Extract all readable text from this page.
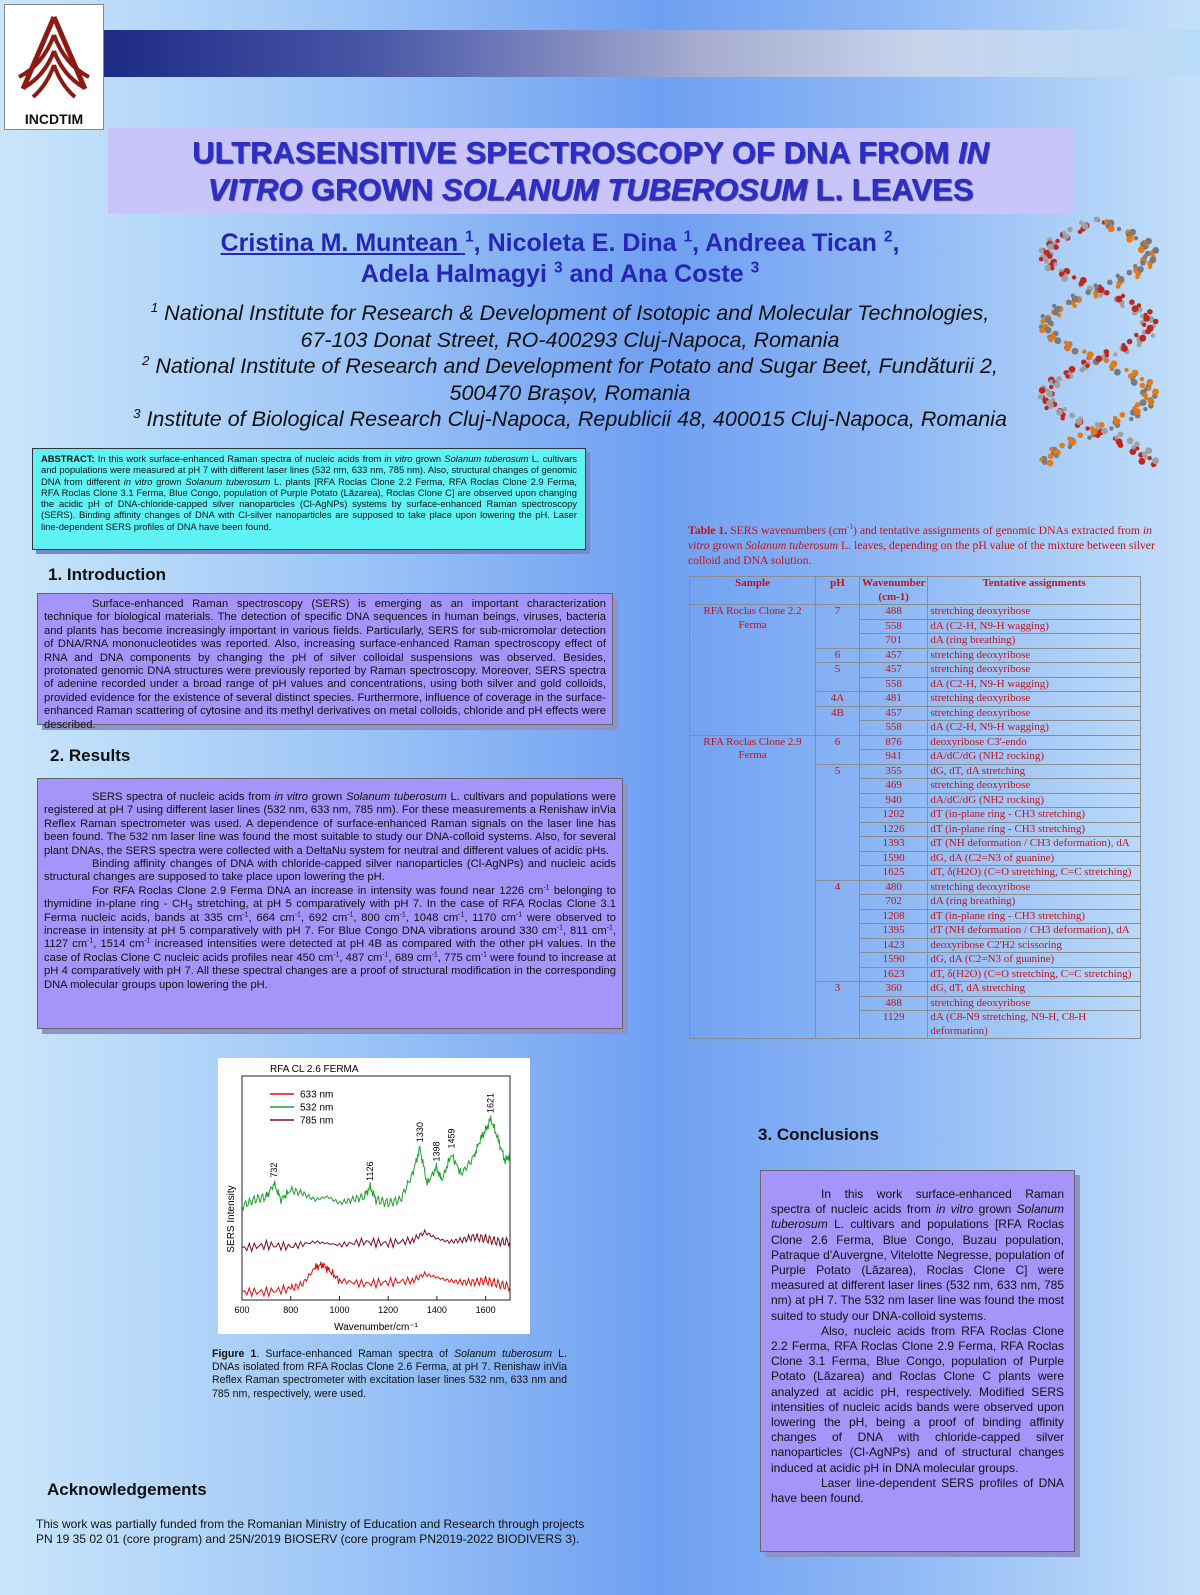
INCDTIM
ULTRASENSITIVE SPECTROSCOPY OF DNA FROM IN
VITRO GROWN SOLANUM TUBEROSUM L. LEAVES
Cristina M. Muntean $^1$, Nicoleta E. Dina $^1$, Andreea Tican $^2$,
Adela Halmagyi $^3$ and Ana Coste $^3$
$^1$ National Institute for Research & Development of Isotopic and Molecular Technologies,
67-103 Donat Street, RO-400293 Cluj-Napoca, Romania
$^2$ National Institute of Research and Development for Potato and Sugar Beet, Fundăturii 2,
500470 Brașov, Romania
$^3$ Institute of Biological Research Cluj-Napoca, Republicii 48, 400015 Cluj-Napoca, Romania
ABSTRACT: In this work surface-enhanced Raman spectra of nucleic acids from in vitro grown Solanum tuberosum L. cultivars and populations were measured at pH 7 with different laser lines (532 nm, 633 nm, 785 nm). Also, structural changes of genomic DNA from different in vitro grown Solanum tuberosum L. plants [RFA Roclas Clone 2.2 Ferma, RFA Roclas Clone 2.9 Ferma, RFA Roclas Clone 3.1 Ferma, Blue Congo, population of Purple Potato (Lăzarea), Roclas Clone C] are observed upon changing the acidic pH of DNA-chloride-capped silver nanoparticles (Cl-AgNPs) systems by surface-enhanced Raman spectroscopy (SERS). Binding affinity changes of DNA with Cl-silver nanoparticles are supposed to take place upon lowering the pH. Laser line-dependent SERS profiles of DNA have been found.
1. Introduction

Surface-enhanced Raman spectroscopy (SERS) is emerging as an important characterization technique for biological materials. The detection of specific DNA sequences in human beings, viruses, bacteria and plants has become increasingly important in various fields. Particularly, SERS for sub-micromolar detection of DNA/RNA mononucleotides was reported. Also, increasing surface-enhanced Raman spectroscopy effect of RNA and DNA components by changing the pH of silver colloidal suspensions was observed. Besides, protonated genomic DNA structures were previously reported by Raman spectroscopy. Moreover, SERS spectra of adenine recorded under a broad range of pH values and concentrations, using both silver and gold colloids, provided evidence for the existence of several distinct species. Furthermore, influence of coverage in the surface-enhanced Raman scattering of cytosine and its methyl derivatives on metal colloids, chloride and pH effects were described.

2. Results

SERS spectra of nucleic acids from in vitro grown Solanum tuberosum L. cultivars and populations were registered at pH 7 using different laser lines (532 nm, 633 nm, 785 nm). For these measurements a Renishaw inVia Reflex Raman spectrometer was used. A dependence of surface-enhanced Raman signals on the laser line has been found. The 532 nm laser line was found the most suitable to study our DNA-colloid systems. Also, for several plant DNAs, the SERS spectra were collected with a DeltaNu system for neutral and different values of acidic pHs.

Binding affinity changes of DNA with chloride-capped silver nanoparticles (Cl-AgNPs) and nucleic acids structural changes are supposed to take place upon lowering the pH.

For RFA Roclas Clone 2.9 Ferma DNA an increase in intensity was found near 1226 $cm^{-1}$ belonging to thymidine in-plane ring - $CH_3$ stretching, at pH 5 comparatively with pH 7. In the case of RFA Roclas Clone 3.1 Ferma nucleic acids, bands at 335 $cm^{-1}$, 664 $cm^{-1}$, 692 $cm^{-1}$, 800 $cm^{-1}$, 1048 $cm^{-1}$, 1170 $cm^{-1}$ were observed to increase in intensity at pH 5 comparatively with pH 7. For Blue Congo DNA vibrations around 330 $cm^{-1}$, 811 $cm^{-1}$, 1127 $cm^{-1}$, 1514 $cm^{-1}$ increased intensities were detected at pH 4B as compared with the other pH values. In the case of Roclas Clone C nucleic acids profiles near 450 $cm^{-1}$, 487 $cm^{-1}$, 689 $cm^{-1}$, 775 $cm^{-1}$ were found to increase at pH 4 comparatively with pH 7. All these spectral changes are a proof of structural modification in the corresponding DNA molecular groups upon lowering the pH.

600	800	1000	1200	1400	1600
Wavenumber/cm⁻¹
SERS Intensity
RFA CL 2.6 FERMA
633 nm
532 nm
785 nm
732	1126
1330
1398
1459
1621
Figure 1. Surface-enhanced Raman spectra of Solanum tuberosum L. DNAs isolated from RFA Roclas Clone 2.6 Ferma, at pH 7. Renishaw inVia Reflex Raman spectrometer with excitation laser lines 532 nm, 633 nm and 785 nm, respectively, were used.
Acknowledgements
This work was partially funded from the Romanian Ministry of Education and Research through projects PN 19 35 02 01 (core program) and 25N/2019 BIOSERV (core program PN2019-2022 BIODIVERS 3).
Table 1. SERS wavenumbers $(cm^{-1})$ and tentative assignments of genomic DNAs extracted from in vitro grown Solanum tuberosum L. leaves, depending on the pH value of the mixture between silver colloid and DNA solution.
Sample	pH	Wavenumber (cm-1)	Tentative assignments
RFA Roclas Clone 2.2 Ferma	7	488	stretching deoxyribose
		558	dA (C2-H, N9-H wagging)
		701	dA (ring breathing)
	6	457	stretching deoxyribose
	5	457	stretching deoxyribose
		558	dA (C2-H, N9-H wagging)
	4A	481	stretching deoxyribose
	4B	457	stretching deoxyribose
		558	dA (C2-H, N9-H wagging)
RFA Roclas Clone 2.9 Ferma	6	876	deoxyribose C3'-endo
		941	dA/dC/dG (NH2 rocking)
	5	355	dG, dT, dA stretching
		469	stretching deoxyribose
		940	dA/dC/dG (NH2 rocking)
		1202	dT (in-plane ring - CH3 stretching)
		1226	dT (in-plane ring - CH3 stretching)
		1393	dT (NH deformation / CH3 deformation), dA
		1590	dG, dA (C2=N3 of guanine)
		1625	dT, δ(H2O) (C=O stretching, C=C stretching)
	4	480	stretching deoxyribose
		702	dA (ring breathing)
		1208	dT (in-plane ring - CH3 stretching)
		1395	dT (NH deformation / CH3 deformation), dA
		1423	deoxyribose C2'H2 scissoring
		1590	dG, dA (C2=N3 of guanine)
		1623	dT, δ(H2O) (C=O stretching, C=C stretching)
	3	360	dG, dT, dA stretching
		488	stretching deoxyribose
		1129	dA (C8-N9 stretching, N9-H, C8-H deformation)
3. Conclusions

In this work surface-enhanced Raman spectra of nucleic acids from in vitro grown Solanum tuberosum L. cultivars and populations [RFA Roclas Clone 2.6 Ferma, Blue Congo, Buzau population, Patraque d'Auvergne, Vitelotte Negresse, population of Purple Potato (Lăzarea), Roclas Clone C] were measured at different laser lines (532 nm, 633 nm, 785 nm) at pH 7. The 532 nm laser line was found the most suited to study our DNA-colloid systems.

Also, nucleic acids from RFA Roclas Clone 2.2 Ferma, RFA Roclas Clone 2.9 Ferma, RFA Roclas Clone 3.1 Ferma, Blue Congo, population of Purple Potato (Lăzarea) and Roclas Clone C plants were analyzed at acidic pH, respectively. Modified SERS intensities of nucleic acids bands were observed upon lowering the pH, being a proof of binding affinity changes of DNA with chloride-capped silver nanoparticles (Cl-AgNPs) and of structural changes induced at acidic pH in DNA molecular groups.

Laser line-dependent SERS profiles of DNA have been found.
